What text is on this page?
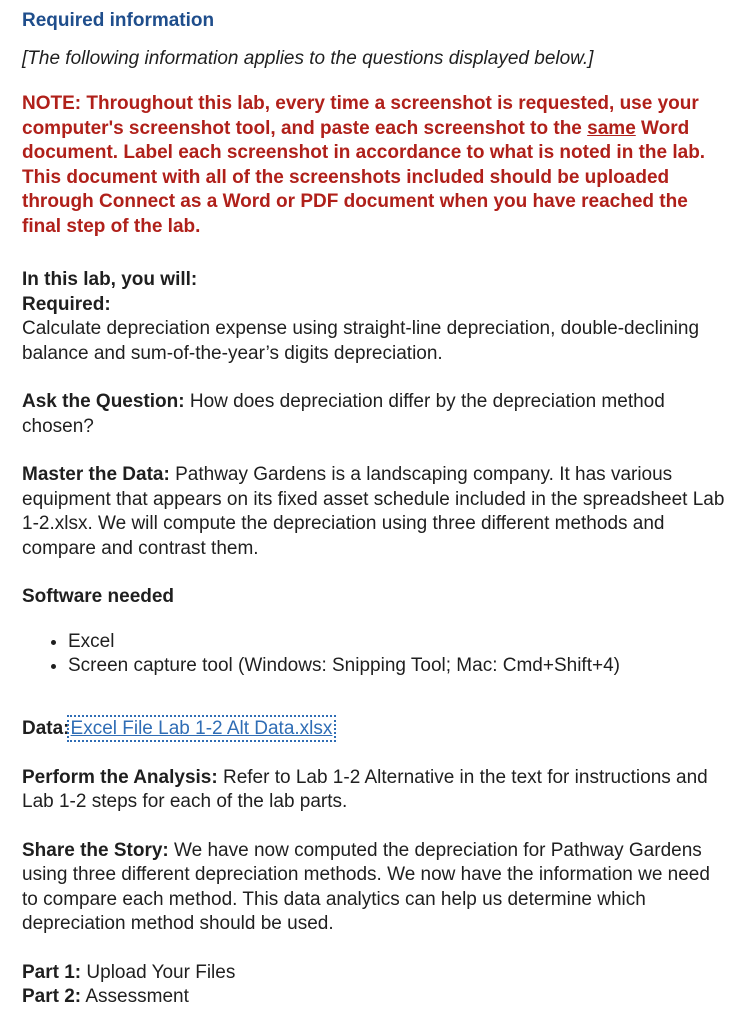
Required information

[The following information applies to the questions displayed below.]

NOTE: Throughout this lab, every time a screenshot is requested, use your computer's screenshot tool, and paste each screenshot to the same Word document. Label each screenshot in accordance to what is noted in the lab. This document with all of the screenshots included should be uploaded through Connect as a Word or PDF document when you have reached the final step of the lab.

In this lab, you will:

Required:

Calculate depreciation expense using straight-line depreciation, double-declining balance and sum-of-the-year’s digits depreciation.

Ask the Question: How does depreciation differ by the depreciation method chosen?

Master the Data: Pathway Gardens is a landscaping company. It has various equipment that appears on its fixed asset schedule included in the spreadsheet Lab 1-2.xlsx. We will compute the depreciation using three different methods and compare and contrast them.

Software needed

• Excel
• Screen capture tool (Windows: Snipping Tool; Mac: Cmd+Shift+4)

Data:Excel File Lab 1-2 Alt Data.xlsx

Perform the Analysis: Refer to Lab 1-2 Alternative in the text for instructions and Lab 1-2 steps for each of the lab parts.

Share the Story: We have now computed the depreciation for Pathway Gardens using three different depreciation methods. We now have the information we need to compare each method. This data analytics can help us determine which depreciation method should be used.

Part 1: Upload Your Files

Part 2: Assessment
